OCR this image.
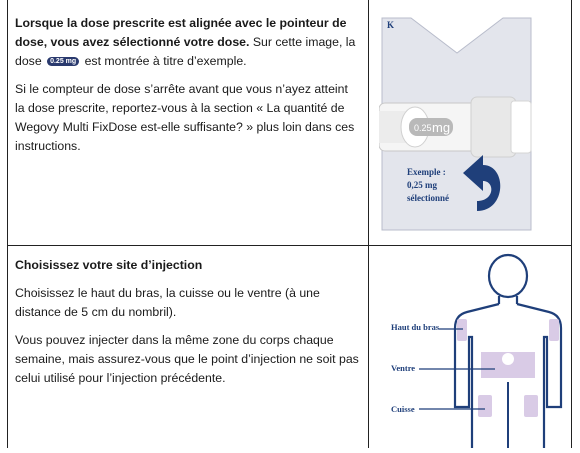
Lorsque la dose prescrite est alignée avec le pointeur de dose, vous avez sélectionné votre dose. Sur cette image, la dose 0.25 mg est montrée à titre d’exemple.

Si le compteur de dose s’arrête avant que vous n’ayez atteint la dose prescrite, reportez-vous à la section « La quantité de Wegovy Multi FixDose est-elle suffisante? » plus loin dans ces instructions.

0.25 mg
K
Exemple :
0,25 mg
sélectionné

Choisissez votre site d’injection

Choisissez le haut du bras, la cuisse ou le ventre (à une distance de 5 cm du nombril).

Vous pouvez injecter dans la même zone du corps chaque semaine, mais assurez-vous que le point d’injection ne soit pas celui utilisé pour l’injection précédente.

Haut du bras
Ventre
Cuisse
